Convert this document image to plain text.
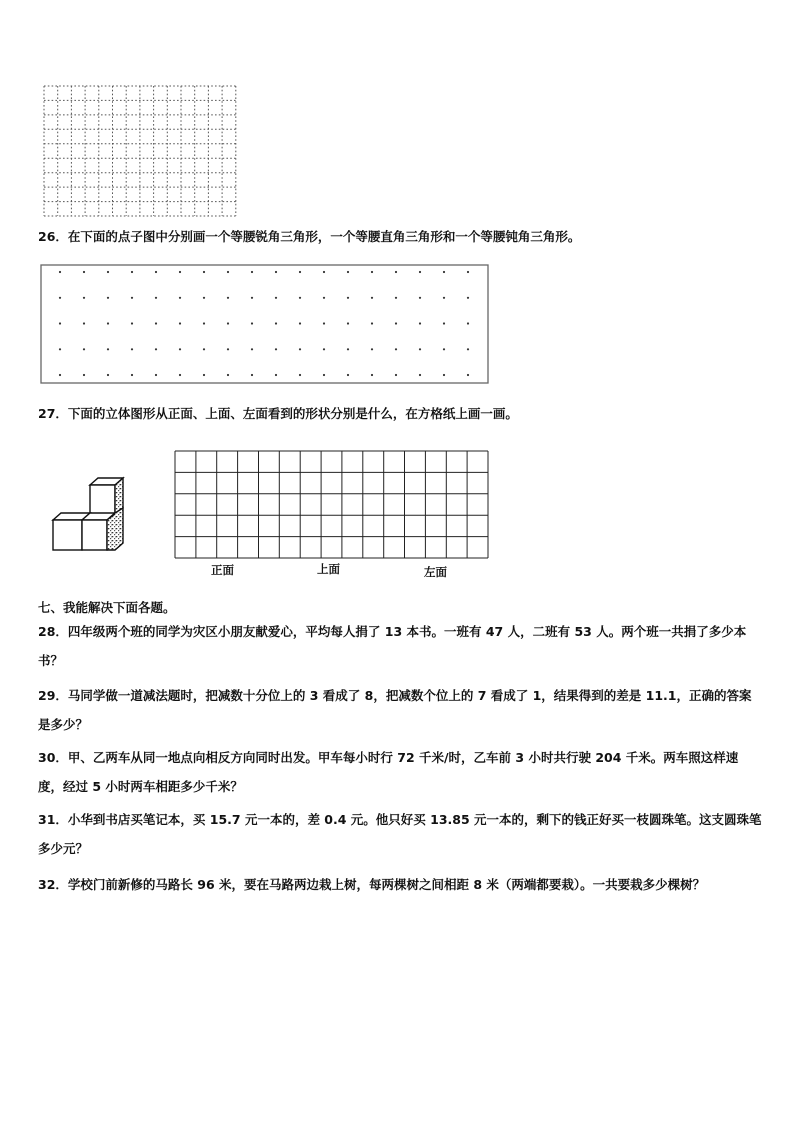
26．在下面的点子图中分别画一个等腰锐角三角形，一个等腰直角三角形和一个等腰钝角三角形。
27．下面的立体图形从正面、上面、左面看到的形状分别是什么，在方格纸上画一画。
正面	上面	左面
七、我能解决下面各题。
28．四年级两个班的同学为灾区小朋友献爱心，平均每人捐了 13 本书。一班有 47 人，二班有 53 人。两个班一共捐了多少本书？
29．马同学做一道减法题时，把减数十分位上的 3 看成了 8，把减数个位上的 7 看成了 1，结果得到的差是 11.1，正确的答案是多少？
30．甲、乙两车从同一地点向相反方向同时出发。甲车每小时行 72 千米/时，乙车前 3 小时共行驶 204 千米。两车照这样速度，经过 5 小时两车相距多少千米？
31．小华到书店买笔记本，买 15.7 元一本的，差 0.4 元。他只好买 13.85 元一本的，剩下的钱正好买一枝圆珠笔。这支圆珠笔多少元？
32．学校门前新修的马路长 96 米，要在马路两边栽上树，每两棵树之间相距 8 米（两端都要栽）。一共要栽多少棵树？
